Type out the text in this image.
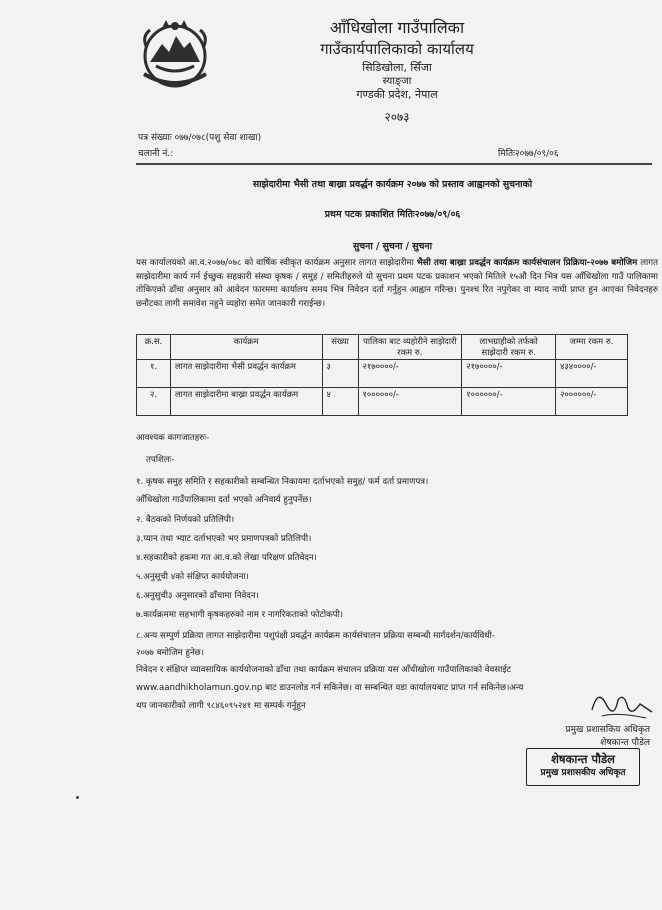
आँधिखोला गाउँपालिका
गाउँकार्यपालिकाको कार्यालय
सिडिखोला, सिँजा
स्याङ्जा
गण्डकी प्रदेश, नेपाल
२०७३
पत्र संख्याः ०७७/०७८(पशु सेवा शाखा)
चलानी नं.:	मितिः२०७७/०९/०६
साझेदारीमा भैसी तथा बाख्रा प्रवर्द्धन कार्यक्रम २०७७ को प्रस्ताव आह्वानको सुचनाको
प्रथम पटक प्रकाशित मितिः२०७७/०९/०६
सुचना / सुचना / सुचना
यस कार्यालयको आ.व.२०७७/०७८ को वार्षिक स्वीकृत कार्यक्रम अनुसार लागत साझेदारीमा भैसी तथा बाख्रा प्रवर्द्धन कार्यक्रम कार्यसंचालन प्रिक्रिया-२०७७ बमोजिम लागत साझेदारीमा कार्य गर्न ईच्छुक सहकारी संस्था कृषक / समुह / समितीहरुले यो सुचना प्रथम पटक प्रकाशन भएको मितिले १५औ दिन भित्र यस आँधिखोला गाउँ पालिकामा तोकिएको ढाँचा अनुसार को आवेदन फारममा कार्यालय समय भित्र निवेदन दर्ता गर्नुहुन आह्वान गरिन्छ। पुनश्च रित नपुगेका वा म्याद नाघी प्राप्त हुन आएका निवेदनहरु छनौटका लागी समावेश नहुने व्यहोरा समेत जानकारी गराईन्छ।
क्र.स.	कार्यक्रम	संख्या	पालिका बाट व्यहोरीने साझेदारी रकम रु.	लाभग्राहीको तर्फको साझेदारी रकम रु.	जम्मा रकम रु.
१.	लागत साझेदारीमा भैसी प्रवर्द्धन कार्यक्रम	३	२१७००००/-	२१७००००/-	४३४००००/-
२.	लागत साझेदारीमा बाख्रा प्रवर्द्धन कार्यक्रम	४	१००००००/-	१००००००/-	२००००००/-
आवश्यक कागजातहरुः-
तपशिलः-
१. कृषक समुह समिति र सहकारीको सम्बन्धित निकायमा दर्ताभएको समुह/ फर्म दर्ता प्रमाणपत्र।
आँधिखोला गाउँपालिकामा दर्ता भएको अनिवार्य हुनुपर्नेछ।
२. बैठकको निर्णयको प्रतिलिपी।
३.प्यान तथा भ्याट दर्ताभएको भए प्रमाणपत्रको प्रतिलिपी।
४.सहकारीको हकमा गत आ.व.को लेखा परिक्षण प्रतिवेदन।
५.अनुसूची ४को संक्षिप्त कार्ययोजना।
६.अनुसुची३ अनुसारको ढाँचामा निवेदन।
७.कार्यक्रममा सहभागी कृषकहरुको नाम र नागरिकताको फोटोकपी।
८.अन्य सम्पुर्ण प्रक्रिया लागत साझेदारीमा पशुपंक्षी प्रवर्द्धन कार्यक्रम कार्यसंचालन प्रक्रिया सम्बन्धी मार्गदर्शन/कार्यविधी-
२०७७ बमोजिम हुनेछ।
निवेदन र संक्षिप्त व्यावसायिक कार्ययोजनाको ढाँचा तथा कार्यक्रम संचालन प्रक्रिया यस आँधीखोला गाउँपालिकाको वेवसाईट
www.aandhikholamun.gov.np बाट डाउनलोड गर्न सकिनेछ। वा सम्बन्धित वडा कार्यालयबाट प्राप्त गर्न सकिनेछ।अन्य
थप जानकारीको लागी ९८४६०९५२४१ मा सम्पर्क गर्नुहुन
प्रमुख प्रशासकिय अधिकृत
शेषकान्त पौडेल
शेषकान्त पौडेल
प्रमुख प्रशासकीय अधिकृत
